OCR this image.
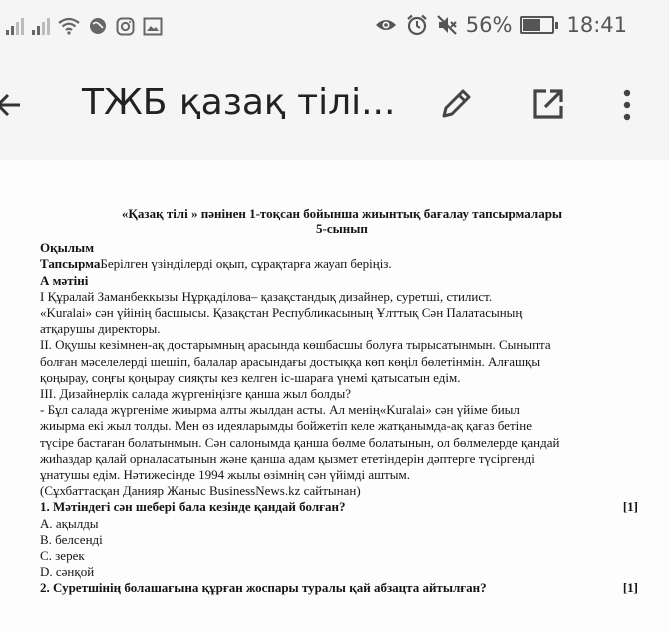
56%	18:41
ТЖБ қазақ тілі...
«Қазақ тілі » пәнінен 1-тоқсан бойынша жиынтық бағалау тапсырмалары
5-сынып
Оқылым
ТапсырмаБерілген үзінділерді оқып, сұрақтарға жауап беріңіз.
А мәтіні
І Құралай Заманбеккызы Нұрқаділова– қазақстандық дизайнер, суретші, стилист.
«Kuralai» сән үйінің басшысы. Қазақстан Республикасының Ұлттық Сән Палатасының
атқарушы директоры.
ІІ. Оқушы кезімнен-ақ достарымның арасында көшбасшы болуға тырысатынмын. Сыныпта
болған мәселелерді шешіп, балалар арасындағы достыққа көп көңіл бөлетінмін. Алғашқы
қоңырау, соңғы қоңырау сияқты кез келген іс-шараға үнемі қатысатын едім.
ІІІ. Дизайнерлік салада жүргеніңізге қанша жыл болды?
- Бұл салада жүргеніме жиырма алты жылдан асты. Ал менің«Kuralai» сән үйіме биыл
жиырма екі жыл толды. Мен өз идеяларымды бойжетіп келе жатқанымда-ақ қағаз бетіне
түсіре бастаған болатынмын. Сән салонымда қанша бөлме болатынын, ол бөлмелерде қандай
жиһаздар қалай орналасатынын және қанша адам қызмет ететіндерін дәптерге түсіргенді
ұнатушы едім. Нәтижесінде 1994 жылы өзімнің сән үйімді аштым.
(Сұхбаттасқан Данияр Жаныс BusinessNews.kz сайтынан)
1. Мәтіндегі сән шебері бала кезінде қандай болған?	[1]
А. ақылды
В. белсенді
С. зерек
D. сәнқой
2. Суретшінің болашағына құрған жоспары туралы қай абзацта айтылған?	[1]
